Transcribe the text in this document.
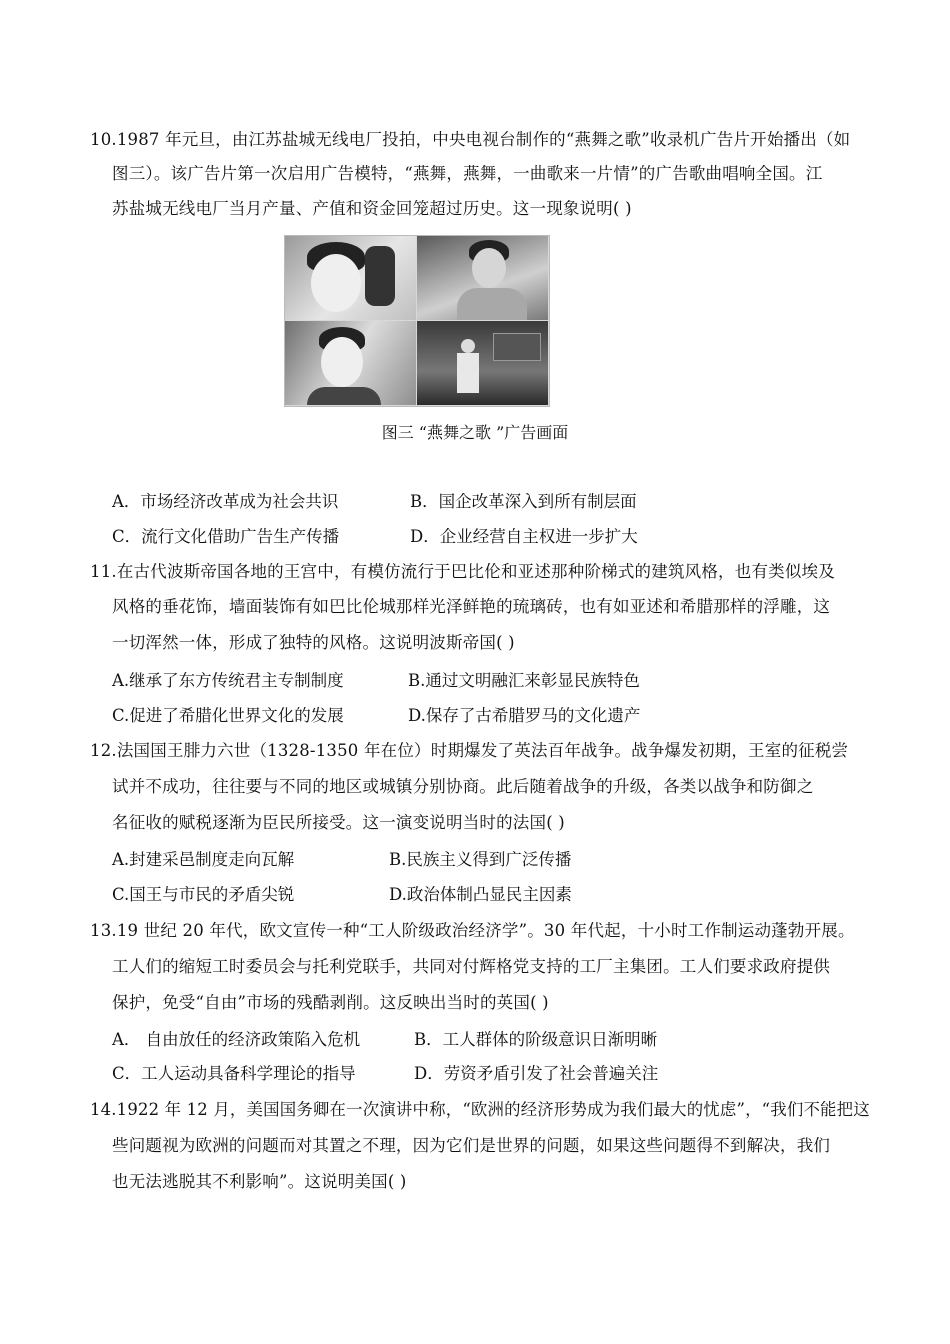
10.1987 年元旦，由江苏盐城无线电厂投拍，中央电视台制作的“燕舞之歌”收录机广告片开始播出（如
图三）。该广告片第一次启用广告模特，“燕舞，燕舞，一曲歌来一片情”的广告歌曲唱响全国。江
苏盐城无线电厂当月产量、产值和资金回笼超过历史。这一现象说明( )
图三 “燕舞之歌 ”广告画面
A．市场经济改革成为社会共识	B．国企改革深入到所有制层面
C．流行文化借助广告生产传播	D．企业经营自主权进一步扩大
11.在古代波斯帝国各地的王宫中，有模仿流行于巴比伦和亚述那种阶梯式的建筑风格，也有类似埃及
风格的垂花饰，墙面装饰有如巴比伦城那样光泽鲜艳的琉璃砖，也有如亚述和希腊那样的浮雕，这
一切浑然一体，形成了独特的风格。这说明波斯帝国( )
A.继承了东方传统君主专制制度	B.通过文明融汇来彰显民族特色
C.促进了希腊化世界文化的发展	D.保存了古希腊罗马的文化遗产
12.法国国王腓力六世（1328-1350 年在位）时期爆发了英法百年战争。战争爆发初期，王室的征税尝
试并不成功，往往要与不同的地区或城镇分别协商。此后随着战争的升级，各类以战争和防御之
名征收的赋税逐渐为臣民所接受。这一演变说明当时的法国( )
A.封建采邑制度走向瓦解	B.民族主义得到广泛传播
C.国王与市民的矛盾尖锐	D.政治体制凸显民主因素
13.19 世纪 20 年代，欧文宣传一种“工人阶级政治经济学”。30 年代起，十小时工作制运动蓬勃开展。
工人们的缩短工时委员会与托利党联手，共同对付辉格党支持的工厂主集团。工人们要求政府提供
保护，免受“自由”市场的残酷剥削。这反映出当时的英国( )
A． 自由放任的经济政策陷入危机	B．工人群体的阶级意识日渐明晰
C．工人运动具备科学理论的指导	D．劳资矛盾引发了社会普遍关注
14.1922 年 12 月，美国国务卿在一次演讲中称，“欧洲的经济形势成为我们最大的忧虑”，“我们不能把这
些问题视为欧洲的问题而对其置之不理，因为它们是世界的问题，如果这些问题得不到解决，我们
也无法逃脱其不利影响”。这说明美国( )
